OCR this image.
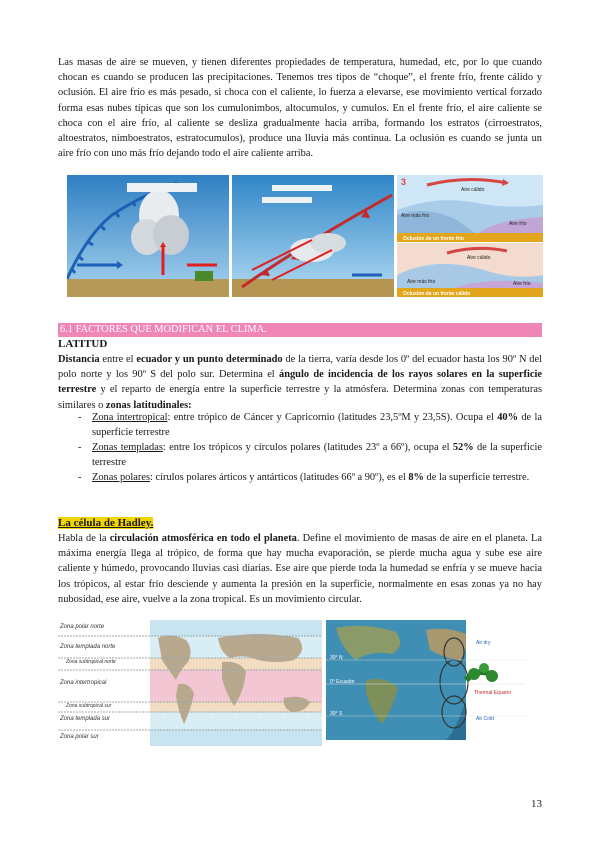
Las masas de aire se mueven, y tienen diferentes propiedades de temperatura, humedad, etc, por lo que cuando chocan es cuando se producen las precipitaciones. Tenemos tres tipos de “choque”, el frente frío, frente cálido y oclusión. El aire frío es más pesado, si choca con el caliente, lo fuerza a elevarse, ese movimiento vertical forzado forma esas nubes típicas que son los cumulonimbos, altocumulos, y cumulos. En el frente frío, el aire caliente se choca con el aire frío, al caliente se desliza gradualmente hacia arriba, formando los estratos (cirroestratos, altoestratos, nimboestratos, estratocumulos), produce una lluvia más continua. La oclusión es cuando se junta un aire frío con uno más frío dejando todo el aire caliente arriba.

3
Aire cálido
Aire más frío
Aire frío
Oclusión de un frente frío
Aire cálido
Aire más frío	Aire frío
Oclusión de un frente cálido
6.1 FACTORES QUE MODIFICAN EL CLIMA.

LATITUD

Distancia entre el ecuador y un punto determinado de la tierra, varía desde los 0º del ecuador hasta los 90º N del polo norte y los 90º S del polo sur. Determina el ángulo de incidencia de los rayos solares en la superficie terrestre y el reparto de energía entre la superficie terrestre y la atmósfera. Determina zonas con temperaturas similares o zonas latitudinales:

- Zona intertropical: entre trópico de Cáncer y Capricornio (latitudes 23,5ºM y 23,5S). Ocupa el 40% de la superficie terrestre
- Zonas templadas: entre los trópicos y círculos polares (latitudes 23º a 66º), ocupa el 52% de la superficie terrestre
- Zonas polares: círulos polares árticos y antárticos (latitudes 66º a 90º), es el 8% de la superficie terrestre.

La célula de Hadley.

Habla de la circulación atmosférica en todo el planeta. Define el movimiento de masas de aire en el planeta. La máxima energía llega al trópico, de forma que hay mucha evaporación, se pierde mucha agua y sube ese aire caliente y húmedo, provocando lluvias casi diarias. Ese aire que pierde toda la humedad se enfría y se mueve hacia los trópicos, al estar frío desciende y aumenta la presión en la superficie, normalmente en esas zonas ya no hay nubosidad, ese aire, vuelve a la zona tropical. Es un movimiento circular.

Zona polar norte
Zona templada norte
Zona subtropical norte
Zona intertropical
Zona subtropical sur
Zona templada sur
Zona polar sur
0° Ecuador
30° N
30° S
Thermal Equator
Air dry
Air Cold
13
